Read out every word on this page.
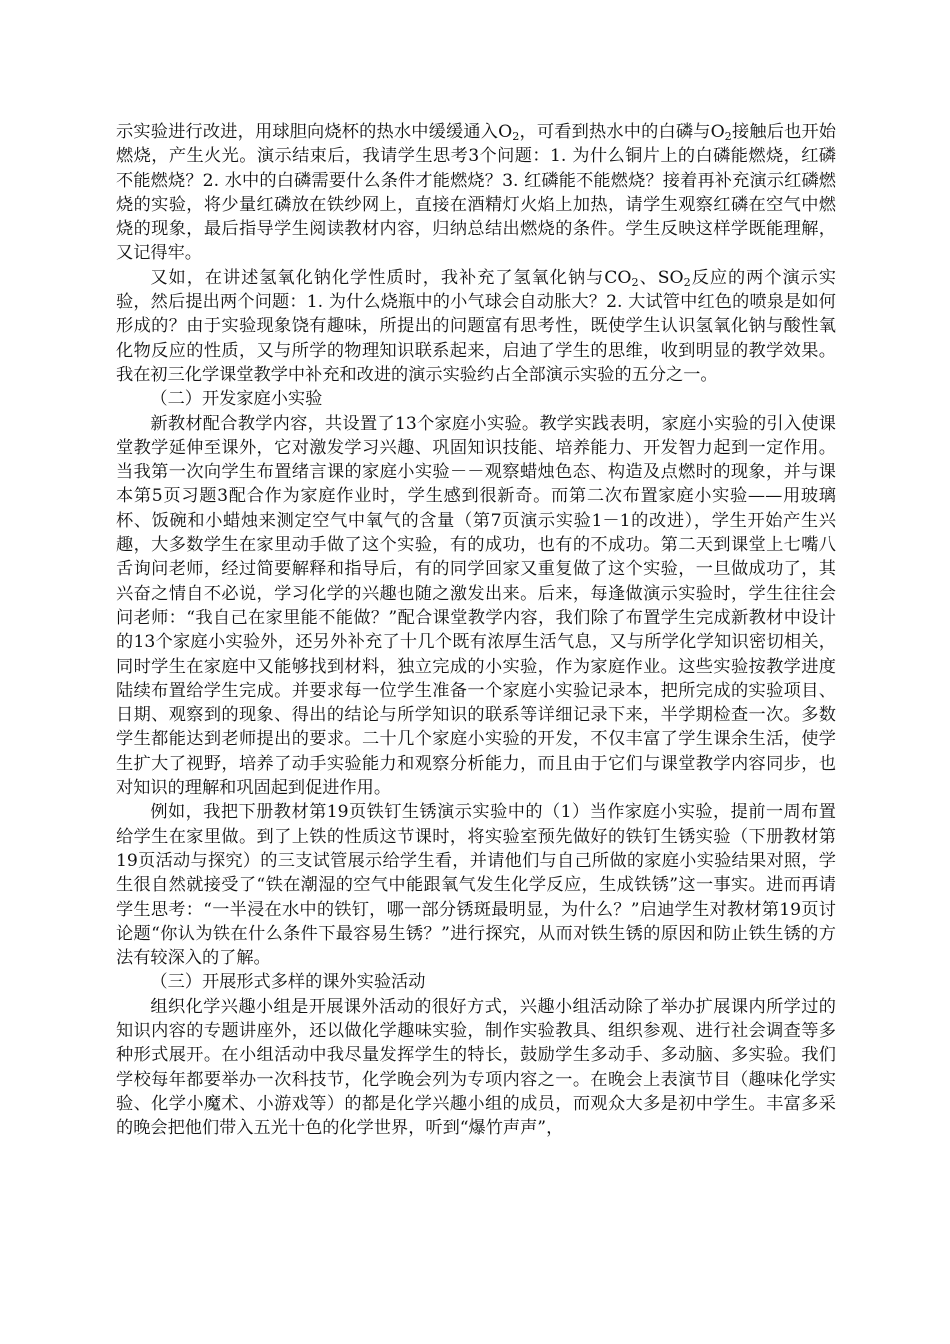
示实验进行改进，用球胆向烧杯的热水中缓缓通入$O_2$，可看到热水中的白磷与$O_2$接触后也开始燃烧，产生火光。演示结束后，我请学生思考3个问题：1. 为什么铜片上的白磷能燃烧，红磷不能燃烧？2. 水中的白磷需要什么条件才能燃烧？3. 红磷能不能燃烧？接着再补充演示红磷燃烧的实验，将少量红磷放在铁纱网上，直接在酒精灯火焰上加热，请学生观察红磷在空气中燃烧的现象，最后指导学生阅读教材内容，归纳总结出燃烧的条件。学生反映这样学既能理解，又记得牢。

又如，在讲述氢氧化钠化学性质时，我补充了氢氧化钠与$CO_2$、$SO_2$反应的两个演示实验，然后提出两个问题：1. 为什么烧瓶中的小气球会自动胀大？2. 大试管中红色的喷泉是如何形成的？由于实验现象饶有趣味，所提出的问题富有思考性，既使学生认识氢氧化钠与酸性氧化物反应的性质，又与所学的物理知识联系起来，启迪了学生的思维，收到明显的教学效果。我在初三化学课堂教学中补充和改进的演示实验约占全部演示实验的五分之一。

（二）开发家庭小实验

新教材配合教学内容，共设置了13个家庭小实验。教学实践表明，家庭小实验的引入使课堂教学延伸至课外，它对激发学习兴趣、巩固知识技能、培养能力、开发智力起到一定作用。当我第一次向学生布置绪言课的家庭小实验－－观察蜡烛色态、构造及点燃时的现象，并与课本第5页习题3配合作为家庭作业时，学生感到很新奇。而第二次布置家庭小实验——用玻璃杯、饭碗和小蜡烛来测定空气中氧气的含量（第7页演示实验1－1的改进），学生开始产生兴趣，大多数学生在家里动手做了这个实验，有的成功，也有的不成功。第二天到课堂上七嘴八舌询问老师，经过简要解释和指导后，有的同学回家又重复做了这个实验，一旦做成功了，其兴奋之情自不必说，学习化学的兴趣也随之激发出来。后来，每逢做演示实验时，学生往往会问老师：“我自己在家里能不能做？”配合课堂教学内容，我们除了布置学生完成新教材中设计的13个家庭小实验外，还另外补充了十几个既有浓厚生活气息，又与所学化学知识密切相关，同时学生在家庭中又能够找到材料，独立完成的小实验，作为家庭作业。这些实验按教学进度陆续布置给学生完成。并要求每一位学生准备一个家庭小实验记录本，把所完成的实验项目、日期、观察到的现象、得出的结论与所学知识的联系等详细记录下来，半学期检查一次。多数学生都能达到老师提出的要求。二十几个家庭小实验的开发，不仅丰富了学生课余生活，使学生扩大了视野，培养了动手实验能力和观察分析能力，而且由于它们与课堂教学内容同步，也对知识的理解和巩固起到促进作用。

例如，我把下册教材第19页铁钉生锈演示实验中的（1）当作家庭小实验，提前一周布置给学生在家里做。到了上铁的性质这节课时，将实验室预先做好的铁钉生锈实验（下册教材第19页活动与探究）的三支试管展示给学生看，并请他们与自己所做的家庭小实验结果对照，学生很自然就接受了“铁在潮湿的空气中能跟氧气发生化学反应，生成铁锈”这一事实。进而再请学生思考：“一半浸在水中的铁钉，哪一部分锈斑最明显，为什么？”启迪学生对教材第19页讨论题“你认为铁在什么条件下最容易生锈？”进行探究，从而对铁生锈的原因和防止铁生锈的方法有较深入的了解。

（三）开展形式多样的课外实验活动

组织化学兴趣小组是开展课外活动的很好方式，兴趣小组活动除了举办扩展课内所学过的知识内容的专题讲座外，还以做化学趣味实验，制作实验教具、组织参观、进行社会调查等多种形式展开。在小组活动中我尽量发挥学生的特长，鼓励学生多动手、多动脑、多实验。我们学校每年都要举办一次科技节，化学晚会列为专项内容之一。在晚会上表演节目（趣味化学实验、化学小魔术、小游戏等）的都是化学兴趣小组的成员，而观众大多是初中学生。丰富多采的晚会把他们带入五光十色的化学世界，听到“爆竹声声”，
